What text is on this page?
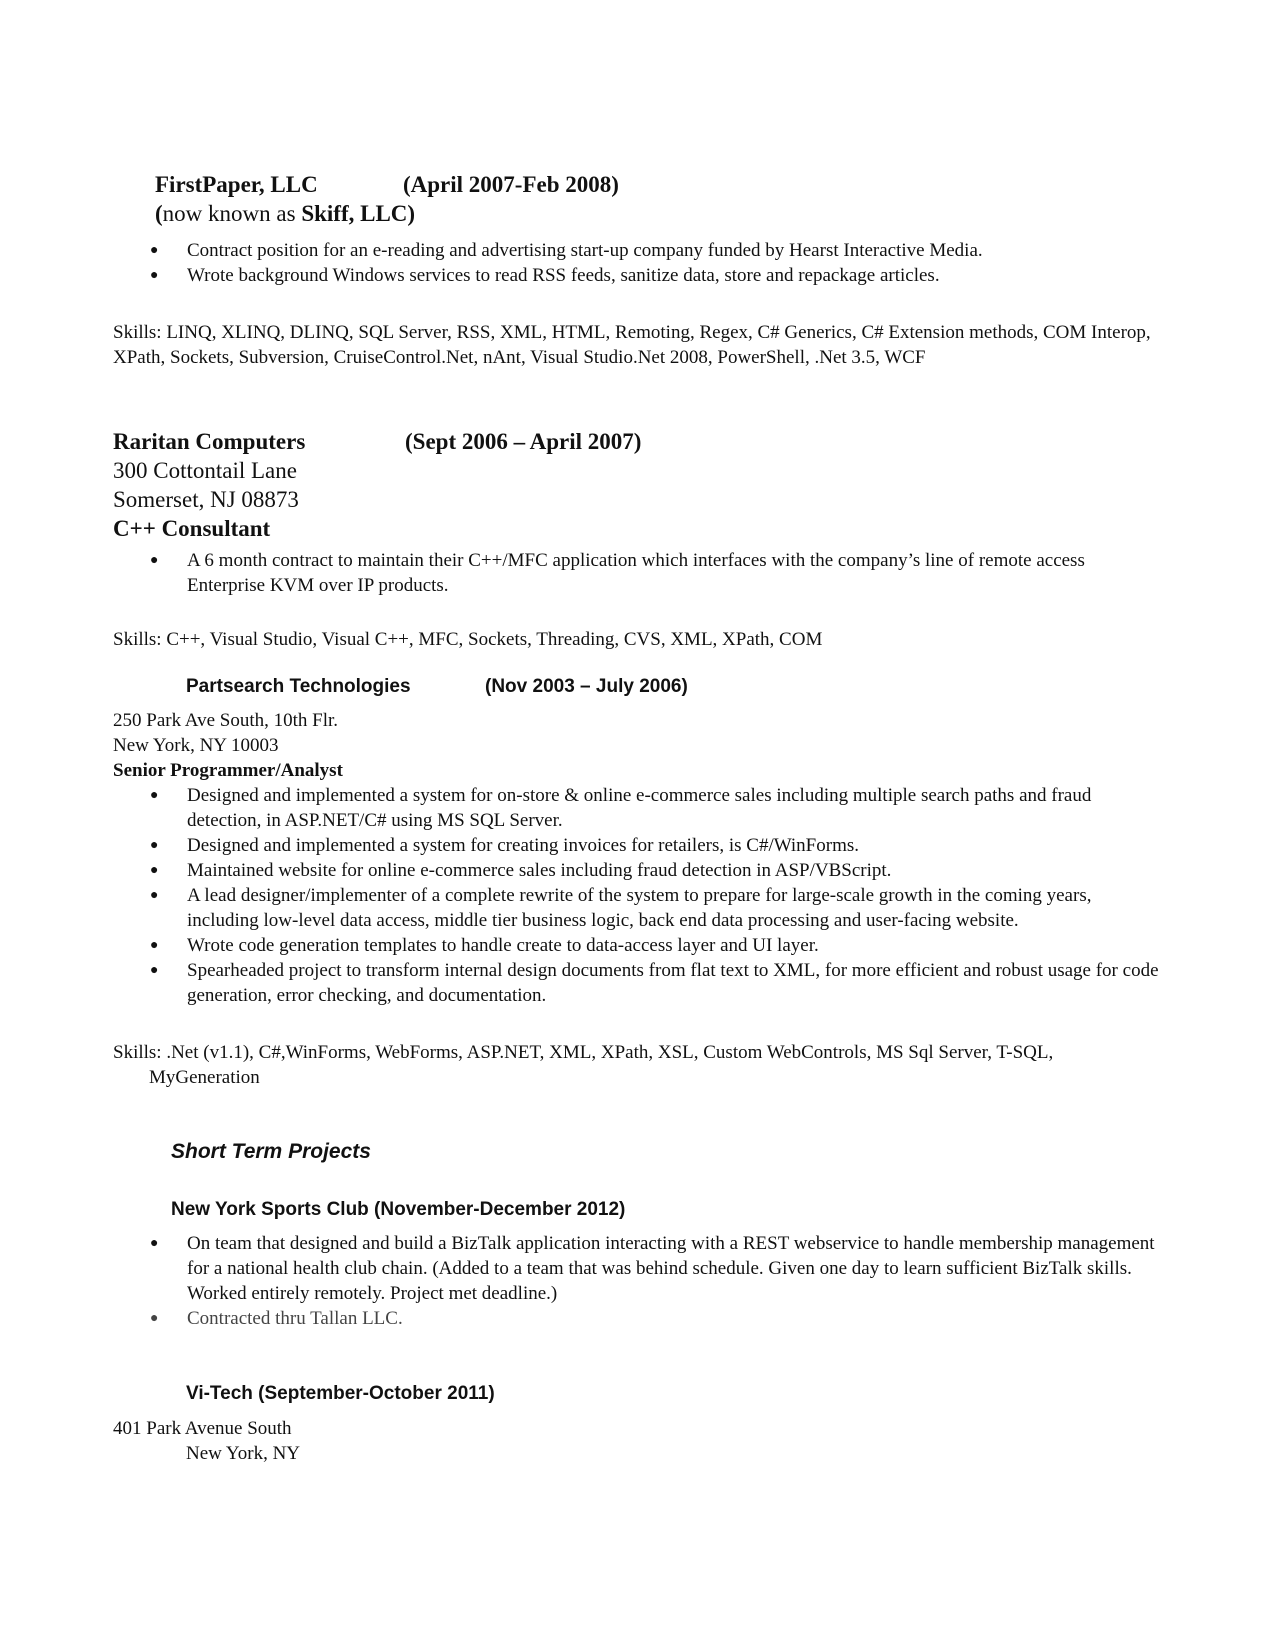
FirstPaper, LLC	(April 2007-Feb 2008)
(now known as Skiff, LLC)
●	Contract position for an e-reading and advertising start-up company funded by Hearst Interactive Media.
●	Wrote background Windows services to read RSS feeds, sanitize data, store and repackage articles.
Skills: LINQ, XLINQ, DLINQ, SQL Server, RSS, XML, HTML, Remoting, Regex, C# Generics, C# Extension methods, COM Interop, XPath, Sockets, Subversion, CruiseControl.Net, nAnt, Visual Studio.Net 2008, PowerShell, .Net 3.5, WCF
Raritan Computers	(Sept 2006 – April 2007)
300 Cottontail Lane
Somerset, NJ 08873
C++ Consultant
●	A 6 month contract to maintain their C++/MFC application which interfaces with the company’s line of remote access Enterprise KVM over IP products.
Skills: C++, Visual Studio, Visual C++, MFC, Sockets, Threading, CVS, XML, XPath, COM
Partsearch Technologies	(Nov 2003 – July 2006)
250 Park Ave South, 10th Flr.
New York, NY 10003
Senior Programmer/Analyst
●	Designed and implemented a system for on-store & online e-commerce sales including multiple search paths and fraud detection, in ASP.NET/C# using MS SQL Server.
●	Designed and implemented a system for creating invoices for retailers, is C#/WinForms.
●	Maintained website for online e-commerce sales including fraud detection in ASP/VBScript.
●	A lead designer/implementer of a complete rewrite of the system to prepare for large-scale growth in the coming years, including low-level data access, middle tier business logic, back end data processing and user-facing website.
●	Wrote code generation templates to handle create to data-access layer and UI layer.
●	Spearheaded project to transform internal design documents from flat text to XML, for more efficient and robust usage for code generation, error checking, and documentation.
Skills: .Net (v1.1), C#,WinForms, WebForms, ASP.NET, XML, XPath, XSL, Custom WebControls, MS Sql Server, T-SQL,
MyGeneration
Short Term Projects
New York Sports Club (November-December 2012)
●	On team that designed and build a BizTalk application interacting with a REST webservice to handle membership management for a national health club chain. (Added to a team that was behind schedule. Given one day to learn sufficient BizTalk skills. Worked entirely remotely. Project met deadline.)
●	Contracted thru Tallan LLC.
Vi-Tech (September-October 2011)
401 Park Avenue South
New York, NY
